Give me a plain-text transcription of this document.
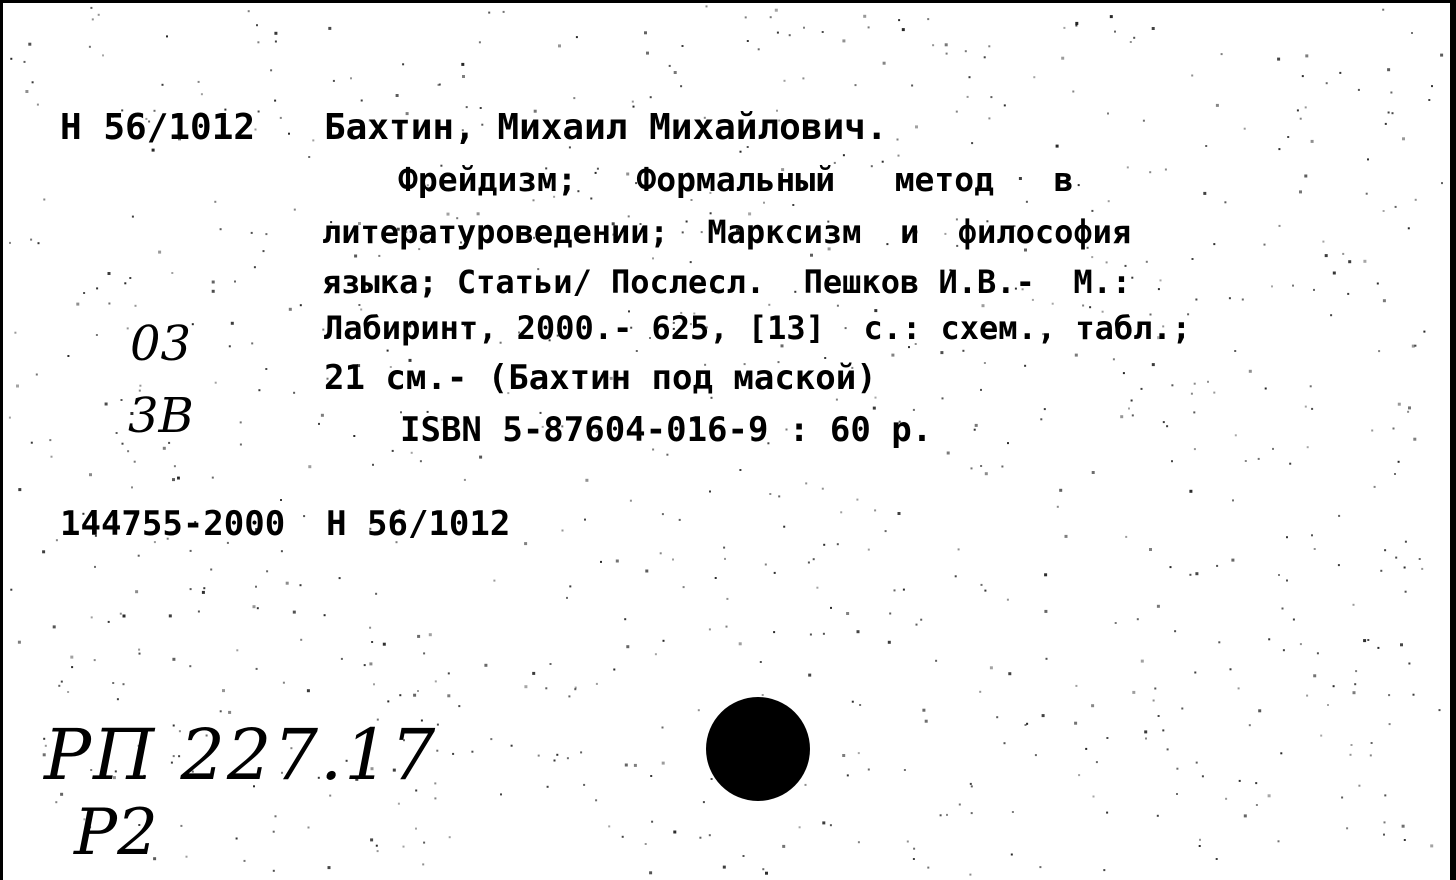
Н 56/1012 Бахтин, Михаил Михайлович.
Фрейдизм;   Формальный   метод   в
литературоведении;  Марксизм  и  философия
языка; Статьи/ Послесл.  Пешков И.В.-  М.:
Лабиринт, 2000.- 625, [13]  с.: схем., табл.;
21 см.- (Бахтин под маской)
ISBN 5-87604-016-9 : 60 р.
144755-2000  Н 56/1012
03
3В
РП 227.17
Р2
